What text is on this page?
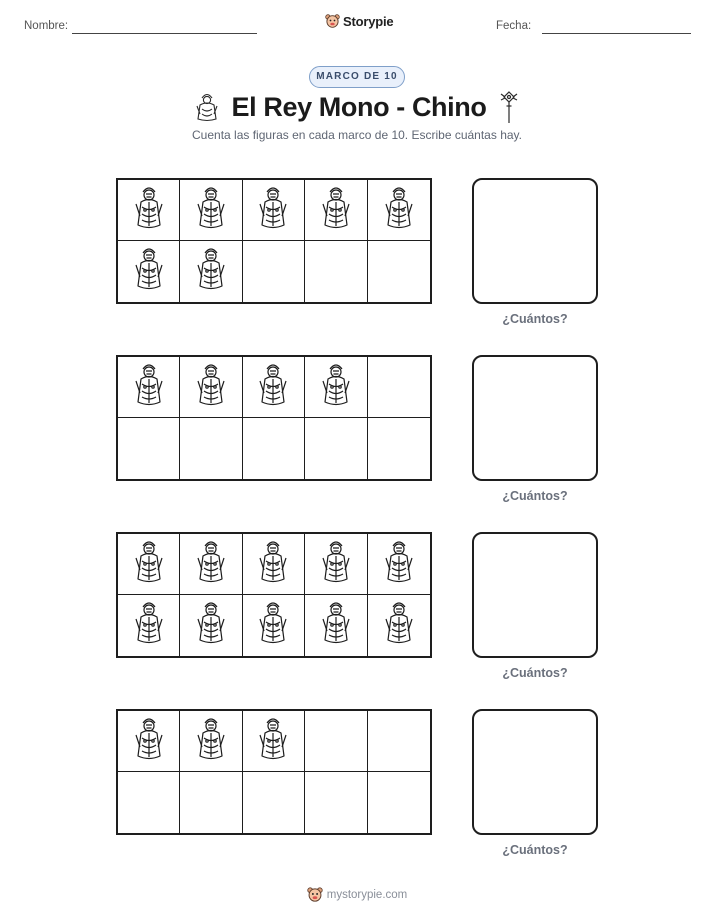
Nombre:	Storypie	Fecha:
MARCO DE 10
El Rey Mono - Chino
Cuenta las figuras en cada marco de 10. Escribe cuántas hay.
¿Cuántos?
¿Cuántos?
¿Cuántos?
¿Cuántos?
mystorypie.com
